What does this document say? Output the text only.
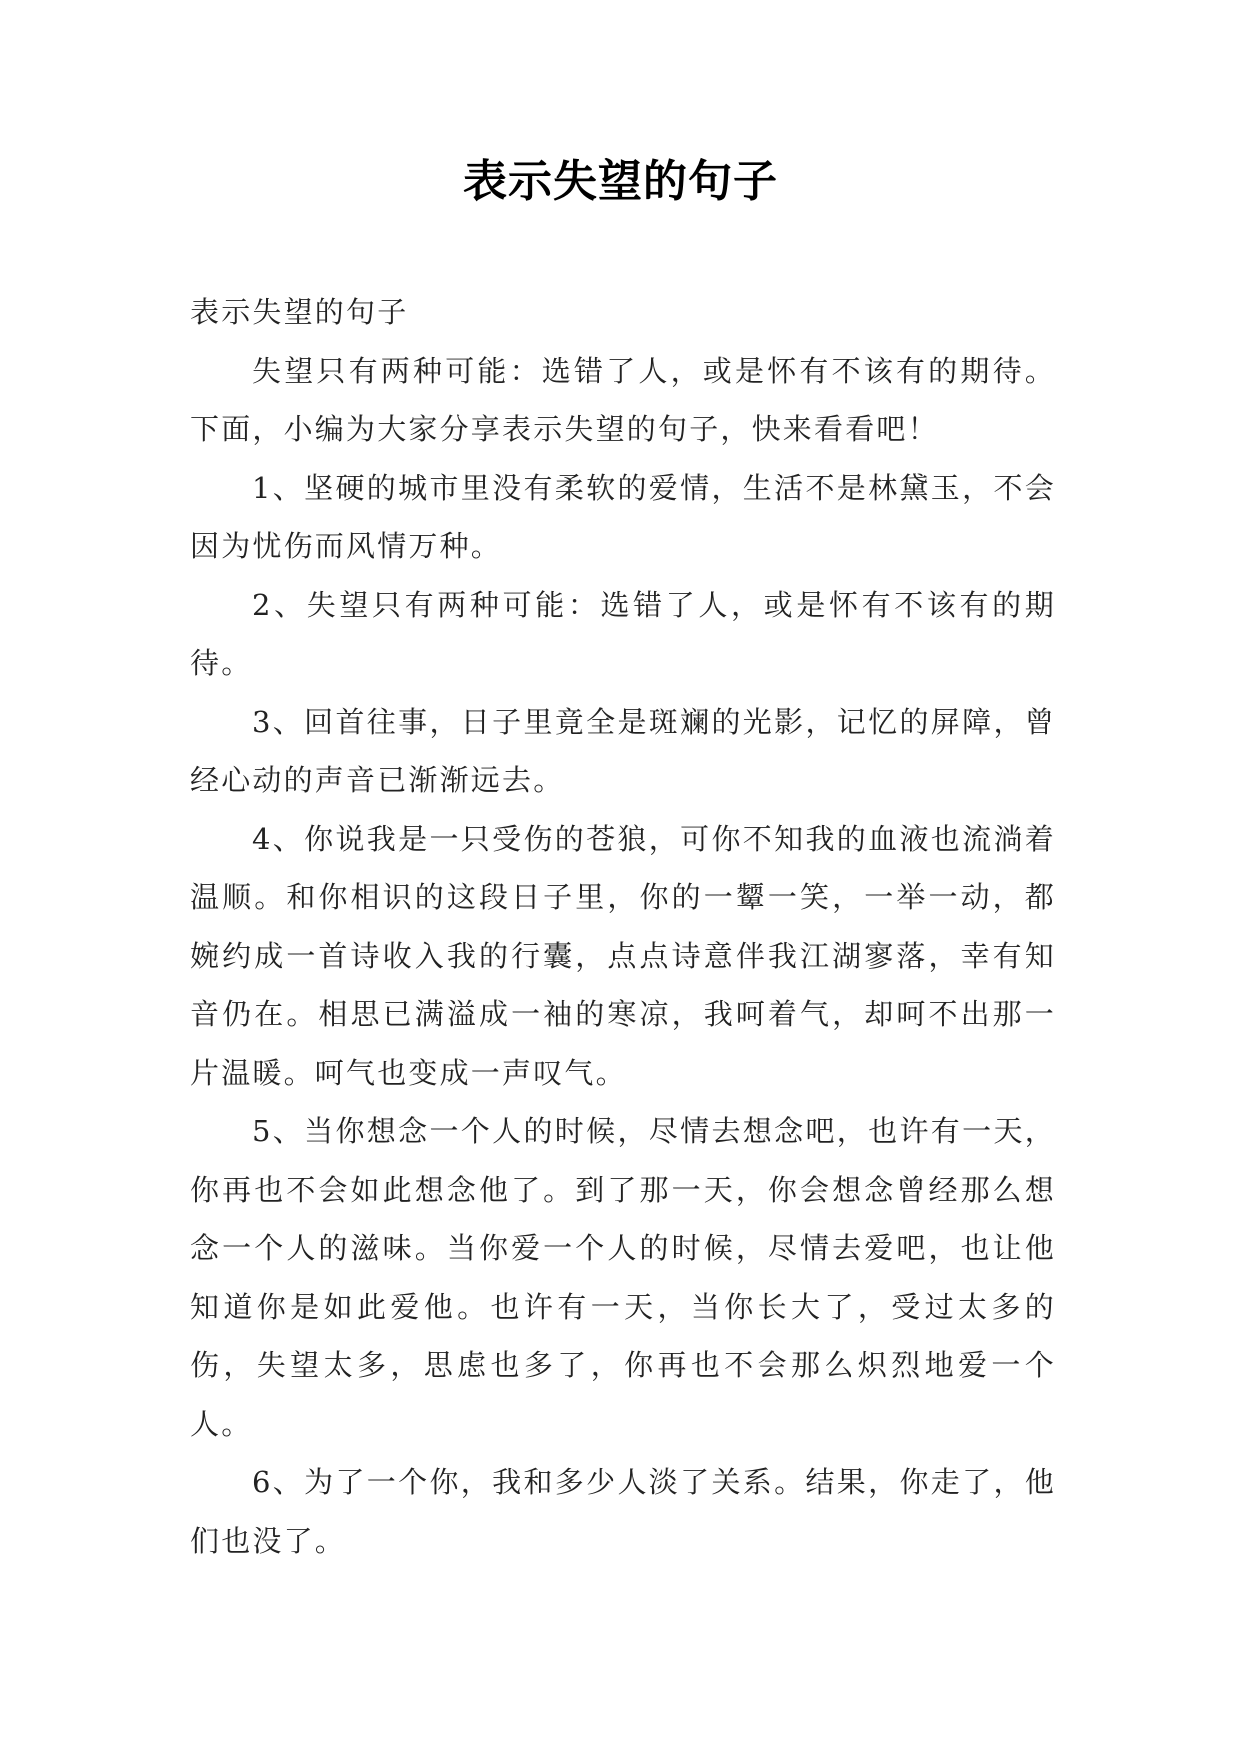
表示失望的句子

表示失望的句子

失望只有两种可能：选错了人，或是怀有不该有的期待。下面，小编为大家分享表示失望的句子，快来看看吧！

1、坚硬的城市里没有柔软的爱情，生活不是林黛玉，不会因为忧伤而风情万种。

2、失望只有两种可能：选错了人，或是怀有不该有的期待。

3、回首往事，日子里竟全是斑斓的光影，记忆的屏障，曾经心动的声音已渐渐远去。

4、你说我是一只受伤的苍狼，可你不知我的血液也流淌着温顺。和你相识的这段日子里，你的一颦一笑，一举一动，都婉约成一首诗收入我的行囊，点点诗意伴我江湖寥落，幸有知音仍在。相思已满溢成一袖的寒凉，我呵着气，却呵不出那一片温暖。呵气也变成一声叹气。

5、当你想念一个人的时候，尽情去想念吧，也许有一天，你再也不会如此想念他了。到了那一天，你会想念曾经那么想念一个人的滋味。当你爱一个人的时候，尽情去爱吧，也让他知道你是如此爱他。也许有一天，当你长大了，受过太多的伤，失望太多，思虑也多了，你再也不会那么炽烈地爱一个人。

6、为了一个你，我和多少人淡了关系。结果，你走了，他们也没了。
